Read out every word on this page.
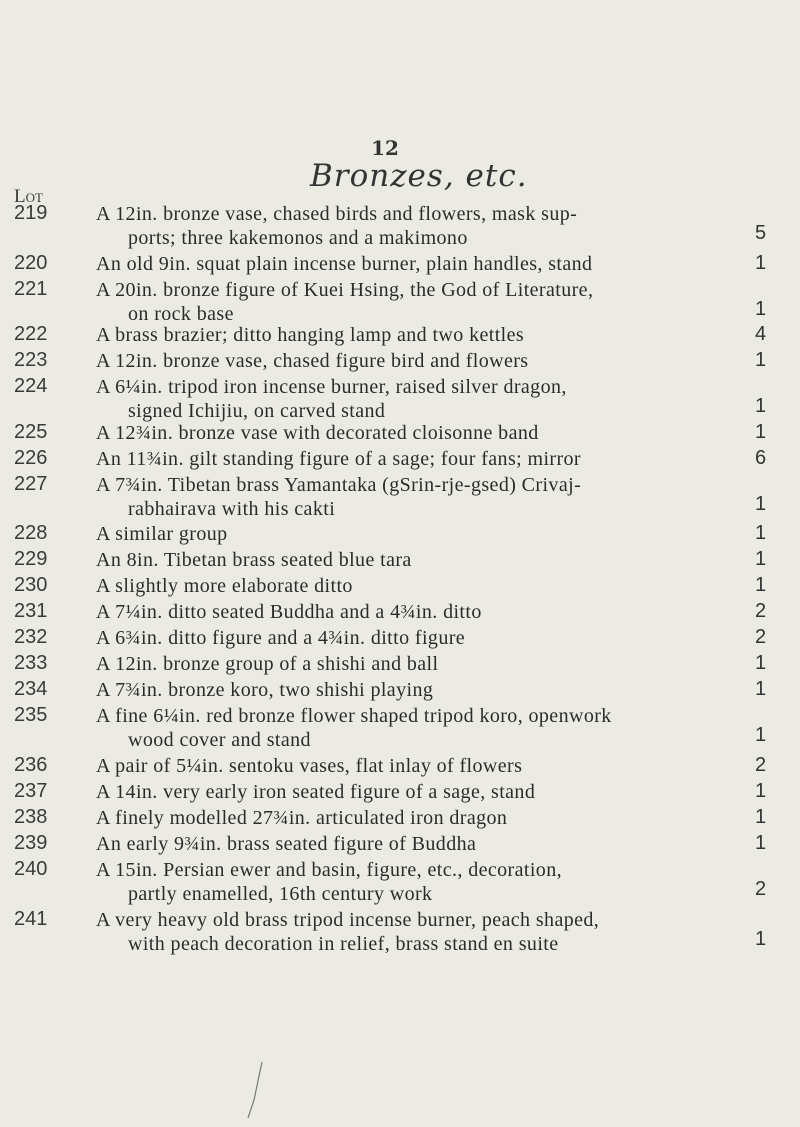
12
Bronzes, etc.
Lot
219 A 12in. bronze vase, chased birds and flowers, mask sup-
ports; three kakemonos and a makimono	5
220 An old 9in. squat plain incense burner, plain handles, stand	1
221 A 20in. bronze figure of Kuei Hsing, the God of Literature,
on rock base	1
222 A brass brazier; ditto hanging lamp and two kettles	4
223 A 12in. bronze vase, chased figure bird and flowers	1
224 A 6¼in. tripod iron incense burner, raised silver dragon,
signed Ichijiu, on carved stand	1
225 A 12¾in. bronze vase with decorated cloisonne band	1
226 An 11¾in. gilt standing figure of a sage; four fans; mirror	6
227 A 7¾in. Tibetan brass Yamantaka (gSrin-rje-gsed) Crivaj-
rabhairava with his cakti	1
228 A similar group	1
229 An 8in. Tibetan brass seated blue tara	1
230 A slightly more elaborate ditto	1
231 A 7¼in. ditto seated Buddha and a 4¾in. ditto	2
232 A 6¾in. ditto figure and a 4¾in. ditto figure	2
233 A 12in. bronze group of a shishi and ball	1
234 A 7¾in. bronze koro, two shishi playing	1
235 A fine 6¼in. red bronze flower shaped tripod koro, openwork
wood cover and stand	1
236 A pair of 5¼in. sentoku vases, flat inlay of flowers	2
237 A 14in. very early iron seated figure of a sage, stand	1
238 A finely modelled 27¾in. articulated iron dragon	1
239 An early 9¾in. brass seated figure of Buddha	1
240 A 15in. Persian ewer and basin, figure, etc., decoration,
partly enamelled, 16th century work	2
241 A very heavy old brass tripod incense burner, peach shaped,
with peach decoration in relief, brass stand en suite	1
